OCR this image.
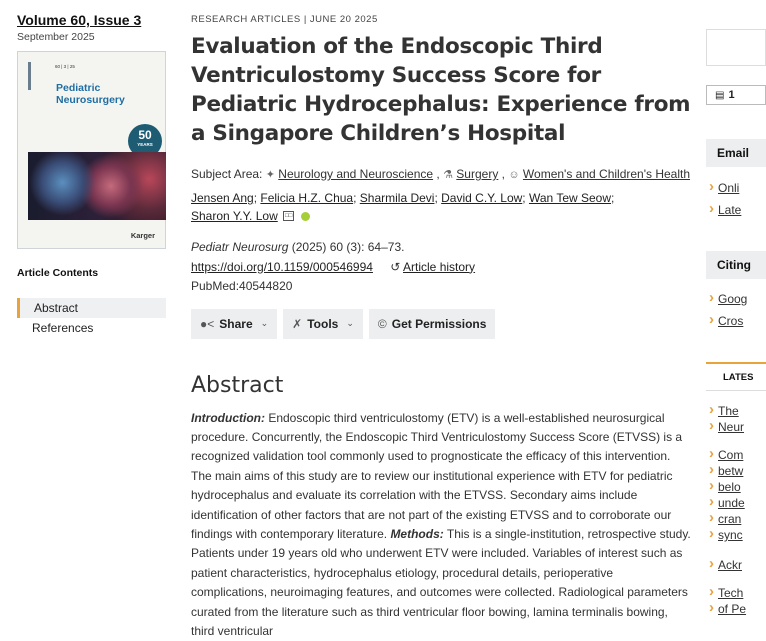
Volume 60, Issue 3
September 2025
60 | 3 | 25
Pediatric
Neurosurgery
50
YEARS
Karger
Article Contents
Abstract
References
RESEARCH ARTICLES | JUNE 20 2025
Evaluation of the Endoscopic Third Ventriculostomy Success Score for Pediatric Hydrocephalus: Experience from a Singapore Children’s Hospital
Subject Area: ✦ Neurology and Neuroscience , ⚗ Surgery , ☺ Women's and Children's Health
Jensen Ang; Felicia H.Z. Chua; Sharmila Devi; David C.Y. Low; Wan Tew Seow;
Sharon Y.Y. Low □□
Pediatr Neurosurg (2025) 60 (3): 64–73.
https://doi.org/10.1159/000546994 ↺ Article history
PubMed:40544820
●< Share ⌄ ✗ Tools ⌄ © Get Permissions
Abstract

Introduction: Endoscopic third ventriculostomy (ETV) is a well-established neurosurgical procedure. Concurrently, the Endoscopic Third Ventriculostomy Success Score (ETVSS) is a recognized validation tool commonly used to prognosticate the efficacy of this intervention. The main aims of this study are to review our institutional experience with ETV for pediatric hydrocephalus and evaluate its correlation with the ETVSS. Secondary aims include identification of other factors that are not part of the existing ETVSS and to corroborate our findings with contemporary literature. Methods: This is a single-institution, retrospective study. Patients under 19 years old who underwent ETV were included. Variables of interest such as patient characteristics, hydrocephalus etiology, procedural details, perioperative complications, neuroimaging features, and outcomes were collected. Radiological parameters curated from the literature such as third ventricular floor bowing, lamina terminalis bowing, third ventricular

▤ 1
Email
› Onli
› Late
Citing
› Goog
› Cros
LATES
› The
› Neur
› Com
› betw
› belo
› unde
› cran
› sync
› Ackr
› Tech
› of Pe
